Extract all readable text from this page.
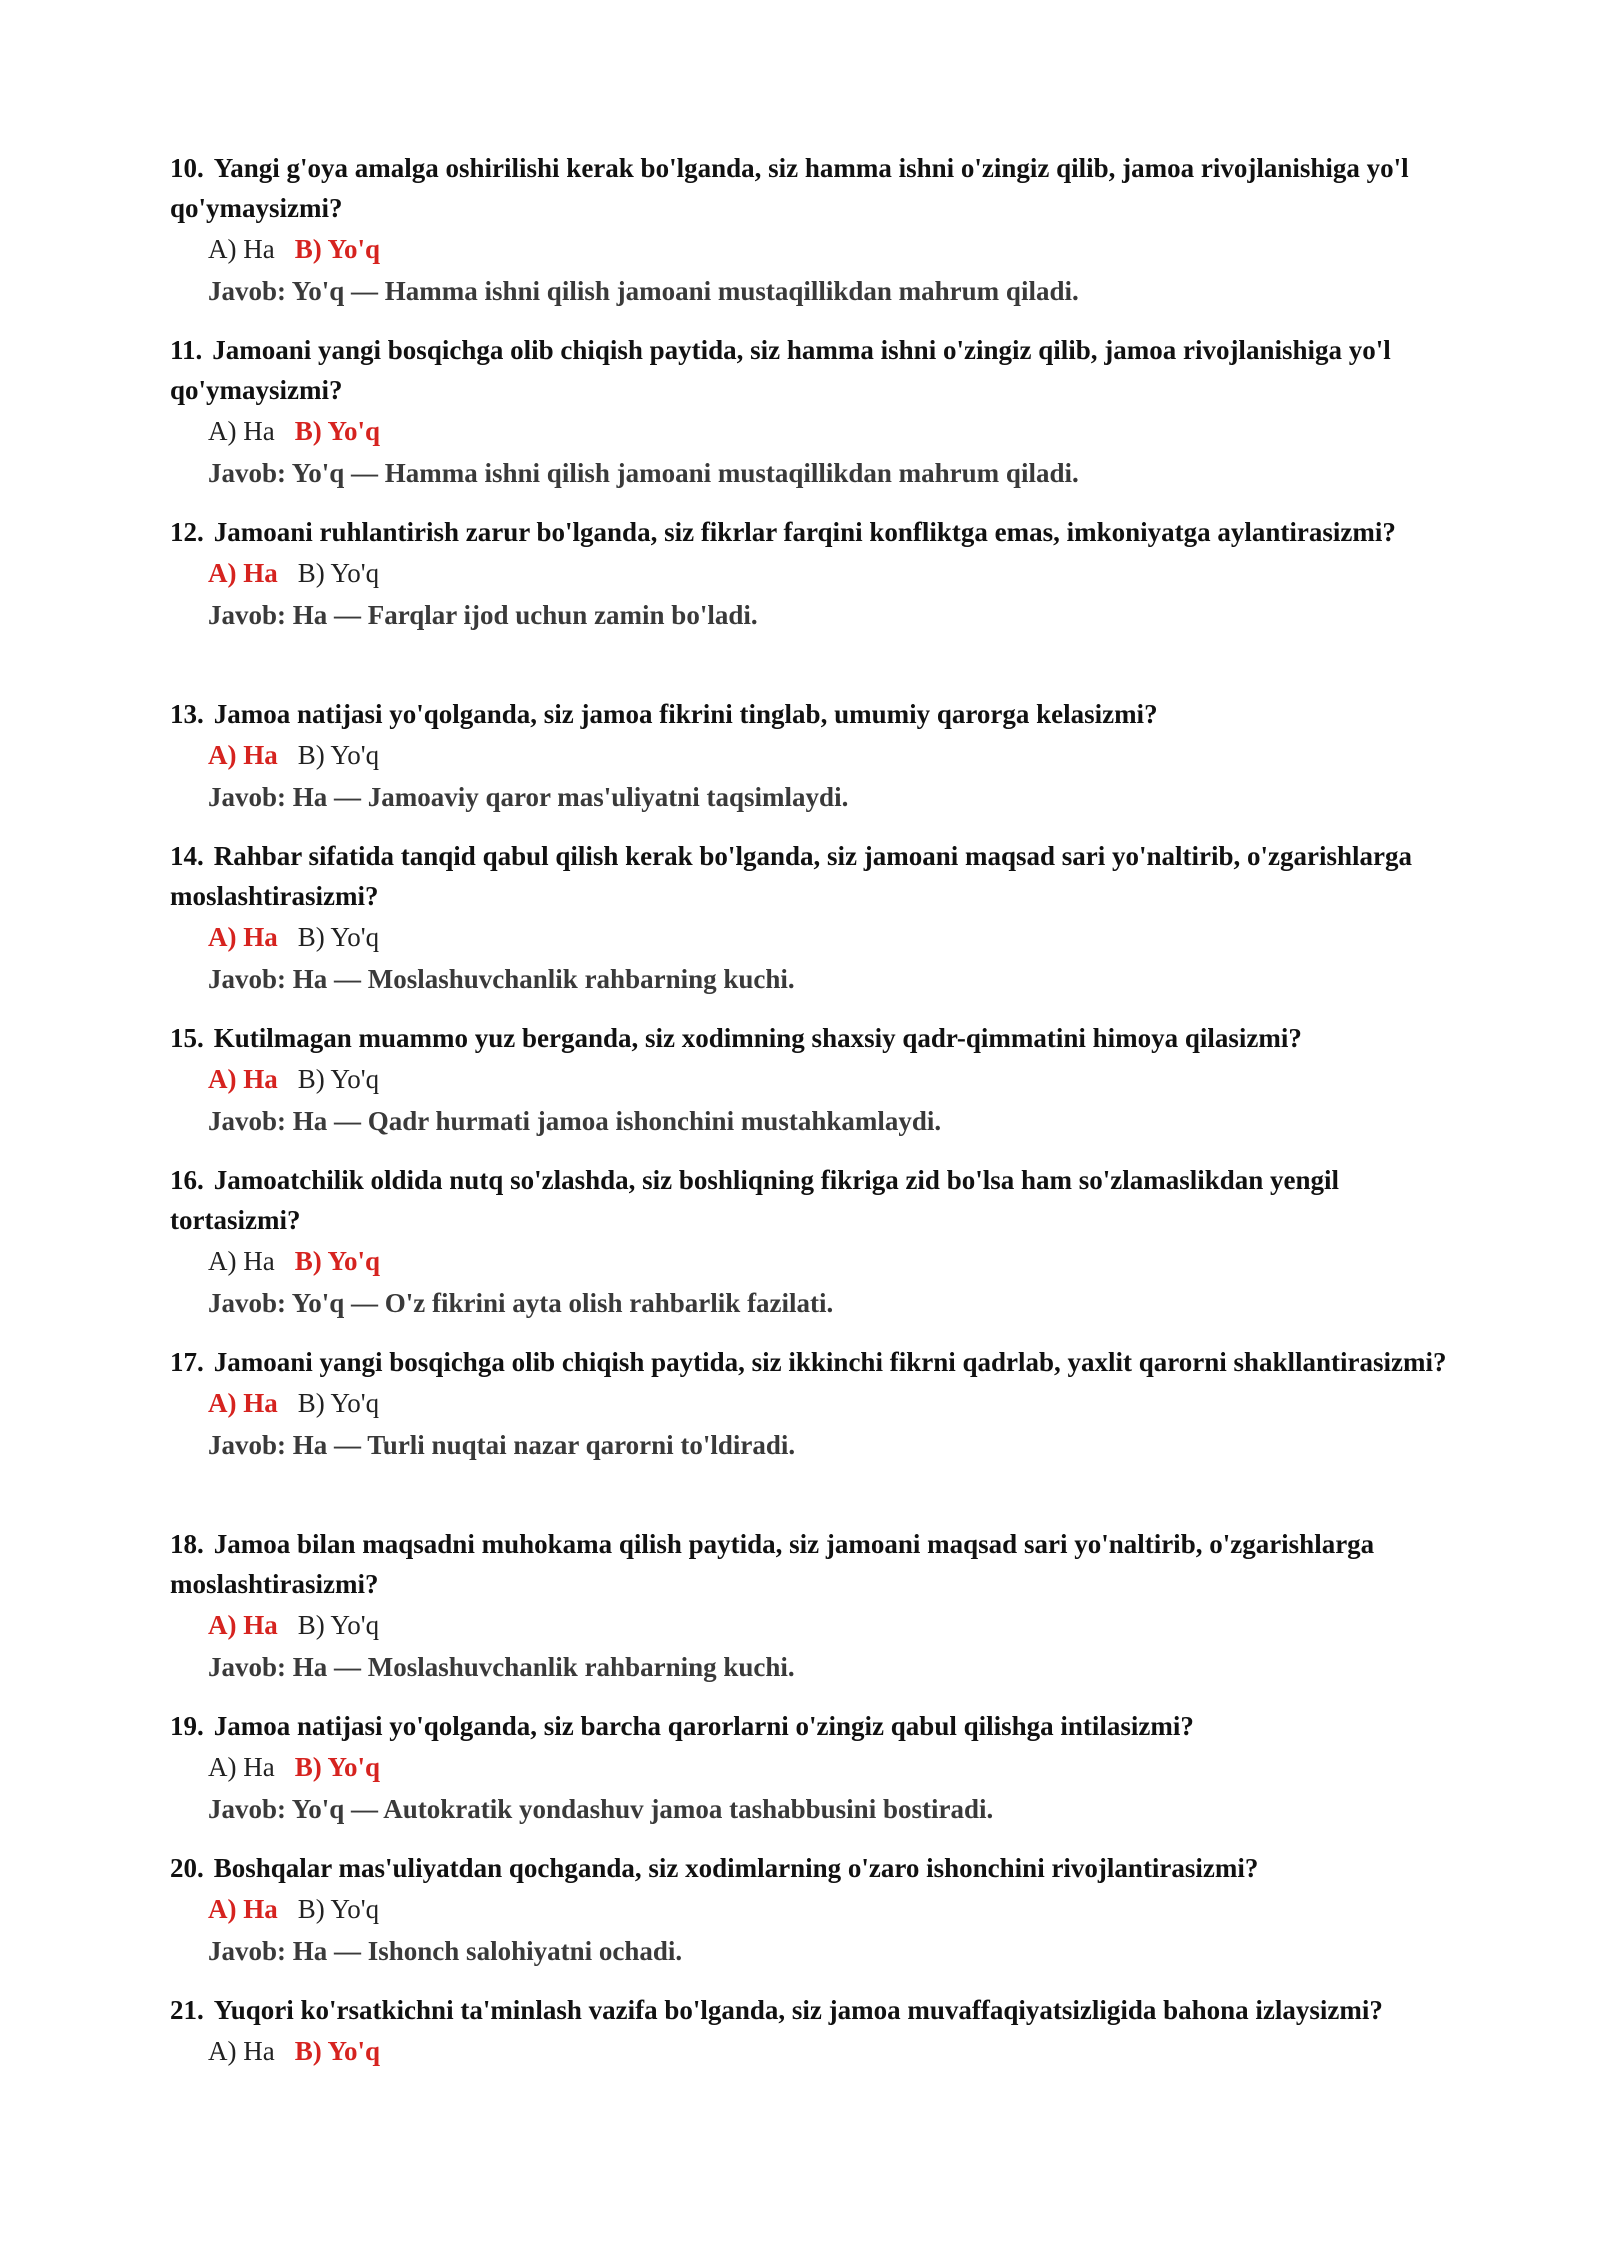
10. Yangi g'oya amalga oshirilishi kerak bo'lganda, siz hamma ishni o'zingiz qilib, jamoa rivojlanishiga yo'l qo'ymaysizmi?

A) Ha B) Yo'q
Javob: Yo'q — Hamma ishni qilish jamoani mustaqillikdan mahrum qiladi.

11. Jamoani yangi bosqichga olib chiqish paytida, siz hamma ishni o'zingiz qilib, jamoa rivojlanishiga yo'l qo'ymaysizmi?

A) Ha B) Yo'q
Javob: Yo'q — Hamma ishni qilish jamoani mustaqillikdan mahrum qiladi.

12. Jamoani ruhlantirish zarur bo'lganda, siz fikrlar farqini konfliktga emas, imkoniyatga aylantirasizmi?

A) Ha B) Yo'q
Javob: Ha — Farqlar ijod uchun zamin bo'ladi.

13. Jamoa natijasi yo'qolganda, siz jamoa fikrini tinglab, umumiy qarorga kelasizmi?

A) Ha B) Yo'q
Javob: Ha — Jamoaviy qaror mas'uliyatni taqsimlaydi.

14. Rahbar sifatida tanqid qabul qilish kerak bo'lganda, siz jamoani maqsad sari yo'naltirib, o'zgarishlarga moslashtirasizmi?

A) Ha B) Yo'q
Javob: Ha — Moslashuvchanlik rahbarning kuchi.

15. Kutilmagan muammo yuz berganda, siz xodimning shaxsiy qadr-qimmatini himoya qilasizmi?

A) Ha B) Yo'q
Javob: Ha — Qadr hurmati jamoa ishonchini mustahkamlaydi.

16. Jamoatchilik oldida nutq so'zlashda, siz boshliqning fikriga zid bo'lsa ham so'zlamaslikdan yengil tortasizmi?

A) Ha B) Yo'q
Javob: Yo'q — O'z fikrini ayta olish rahbarlik fazilati.

17. Jamoani yangi bosqichga olib chiqish paytida, siz ikkinchi fikrni qadrlab, yaxlit qarorni shakllantirasizmi?

A) Ha B) Yo'q
Javob: Ha — Turli nuqtai nazar qarorni to'ldiradi.

18. Jamoa bilan maqsadni muhokama qilish paytida, siz jamoani maqsad sari yo'naltirib, o'zgarishlarga moslashtirasizmi?

A) Ha B) Yo'q
Javob: Ha — Moslashuvchanlik rahbarning kuchi.

19. Jamoa natijasi yo'qolganda, siz barcha qarorlarni o'zingiz qabul qilishga intilasizmi?

A) Ha B) Yo'q
Javob: Yo'q — Autokratik yondashuv jamoa tashabbusini bostiradi.

20. Boshqalar mas'uliyatdan qochganda, siz xodimlarning o'zaro ishonchini rivojlantirasizmi?

A) Ha B) Yo'q
Javob: Ha — Ishonch salohiyatni ochadi.

21. Yuqori ko'rsatkichni ta'minlash vazifa bo'lganda, siz jamoa muvaffaqiyatsizligida bahona izlaysizmi?

A) Ha B) Yo'q
